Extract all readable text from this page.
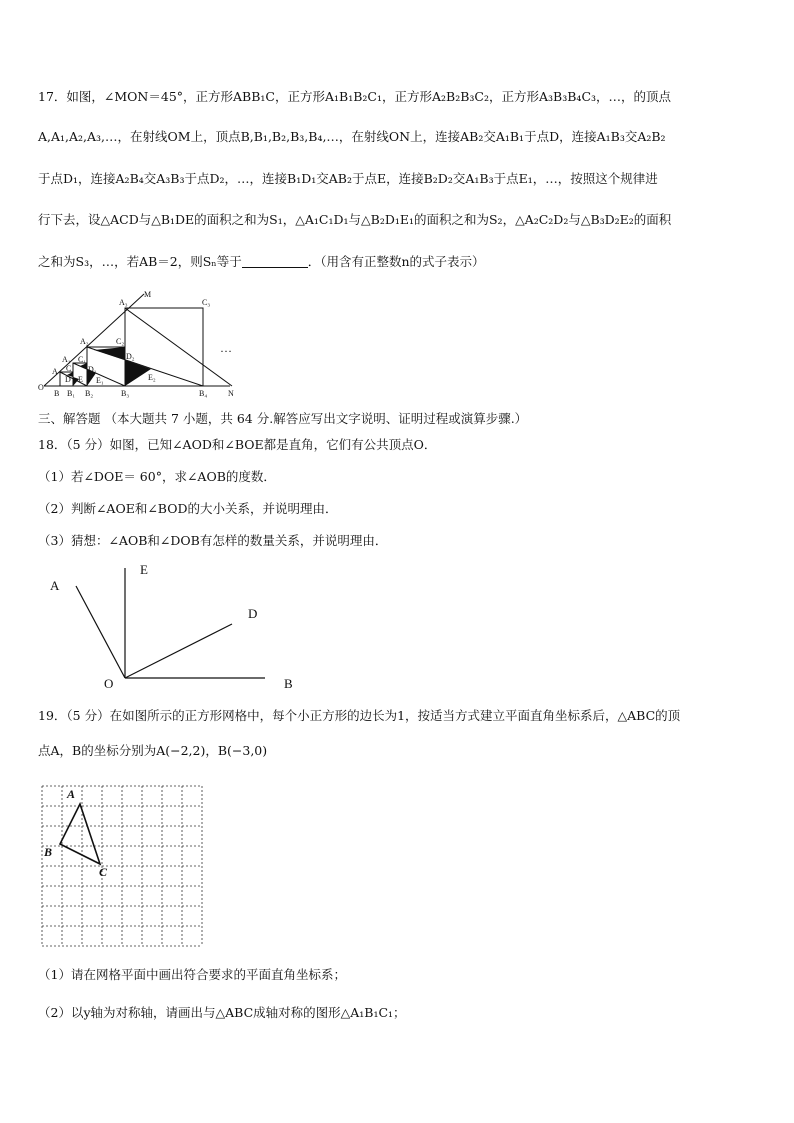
17．如图，∠MON＝45°，正方形ABB₁C，正方形A₁B₁B₂C₁，正方形A₂B₂B₃C₂，正方形A₃B₃B₄C₃，…，的顶点
A,A₁,A₂,A₃,…，在射线OM上，顶点B,B₁,B₂,B₃,B₄,…，在射线ON上，连接AB₂交A₁B₁于点D，连接A₁B₃交A₂B₂
于点D₁，连接A₂B₄交A₃B₃于点D₂，…，连接B₁D₁交AB₂于点E，连接B₂D₂交A₁B₃于点E₁，…，按照这个规律进
行下去，设△ACD与△B₁DE的面积之和为S₁，△A₁C₁D₁与△B₂D₁E₁的面积之和为S₂，△A₂C₂D₂与△B₃D₂E₂的面积
之和为S₃，…，若AB＝2，则Sₙ等于	．（用含有正整数n的式子表示）
M
N
O
A₃	C₃
A₂	C₂
D₂
E₂
A₁ C₁
D₁
E₁
A C
D E
B B₁ B₂	B₃	B₄
…
三、解答题 （本大题共 7 小题，共 64 分.解答应写出文字说明、证明过程或演算步骤.）
18．（5 分）如图，已知∠AOD和∠BOE都是直角，它们有公共顶点O．
（1）若∠DOE＝ 60°，求∠AOB的度数．
（2）判断∠AOE和∠BOD的大小关系，并说明理由．
（3）猜想：∠AOB和∠DOB有怎样的数量关系，并说明理由．
A
E
D
O	B
19．（5 分）在如图所示的正方形网格中，每个小正方形的边长为1，按适当方式建立平面直角坐标系后，△ABC的顶
点A，B的坐标分别为A(−2,2)，B(−3,0)
A
B
C
（1）请在网格平面中画出符合要求的平面直角坐标系；
（2）以y轴为对称轴，请画出与△ABC成轴对称的图形△A₁B₁C₁；
